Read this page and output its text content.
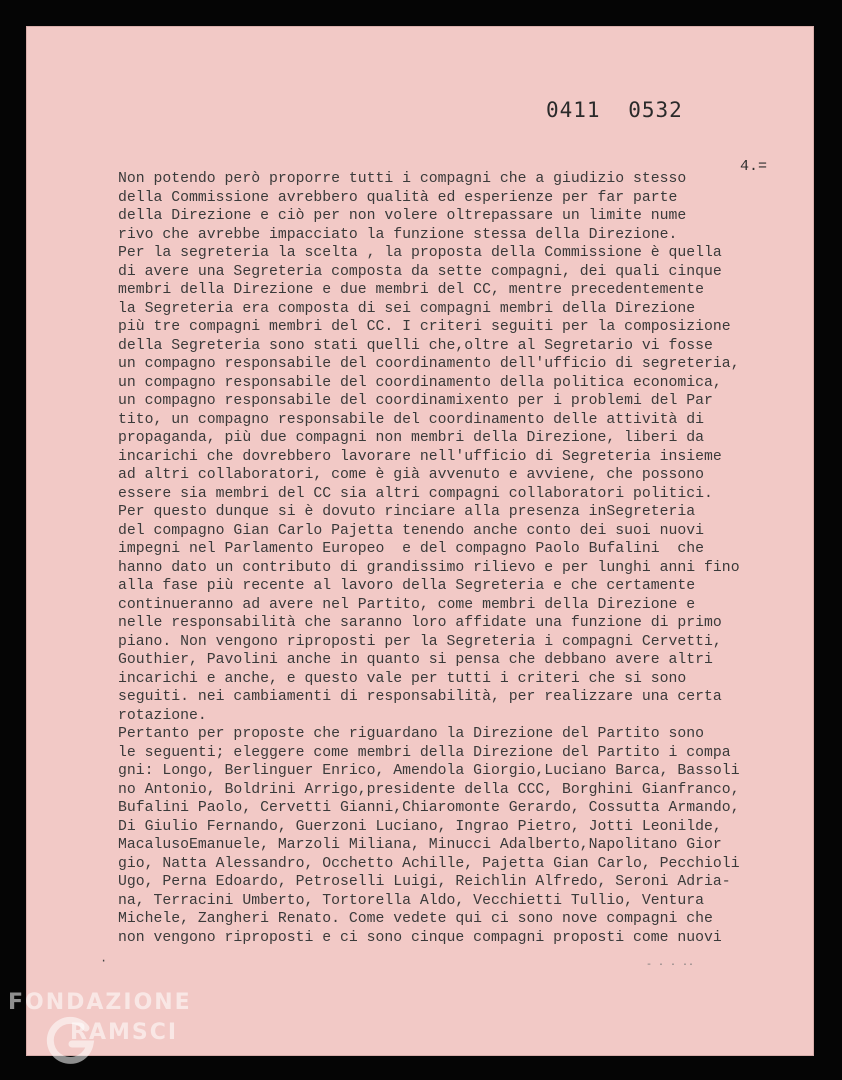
0411 0532
4.=
Non potendo però proporre tutti i compagni che a giudizio stesso
della Commissione avrebbero qualità ed esperienze per far parte
della Direzione e ciò per non volere oltrepassare un limite nume
rivo che avrebbe impacciato la funzione stessa della Direzione.
Per la segreteria la scelta , la proposta della Commissione è quella
di avere una Segreteria composta da sette compagni, dei quali cinque
membri della Direzione e due membri del CC, mentre precedentemente
la Segreteria era composta di sei compagni membri della Direzione
più tre compagni membri del CC. I criteri seguiti per la composizione
della Segreteria sono stati quelli che,oltre al Segretario vi fosse
un compagno responsabile del coordinamento dell'ufficio di segreteria,
un compagno responsabile del coordinamento della politica economica,
un compagno responsabile del coordinamixento per i problemi del Par
tito, un compagno responsabile del coordinamento delle attività di
propaganda, più due compagni non membri della Direzione, liberi da
incarichi che dovrebbero lavorare nell'ufficio di Segreteria insieme
ad altri collaboratori, come è già avvenuto e avviene, che possono
essere sia membri del CC sia altri compagni collaboratori politici.
Per questo dunque si è dovuto rinciare alla presenza inSegreteria
del compagno Gian Carlo Pajetta tenendo anche conto dei suoi nuovi
impegni nel Parlamento Europeo  e del compagno Paolo Bufalini  che
hanno dato un contributo di grandissimo rilievo e per lunghi anni fino
alla fase più recente al lavoro della Segreteria e che certamente
continueranno ad avere nel Partito, come membri della Direzione e
nelle responsabilità che saranno loro affidate una funzione di primo
piano. Non vengono riproposti per la Segreteria i compagni Cervetti,
Gouthier, Pavolini anche in quanto si pensa che debbano avere altri
incarichi e anche, e questo vale per tutti i criteri che si sono
seguiti. nei cambiamenti di responsabilità, per realizzare una certa
rotazione.
Pertanto per proposte che riguardano la Direzione del Partito sono
le seguenti; eleggere come membri della Direzione del Partito i compa
gni: Longo, Berlinguer Enrico, Amendola Giorgio,Luciano Barca, Bassoli
no Antonio, Boldrini Arrigo,presidente della CCC, Borghini Gianfranco,
Bufalini Paolo, Cervetti Gianni,Chiaromonte Gerardo, Cossutta Armando,
Di Giulio Fernando, Guerzoni Luciano, Ingrao Pietro, Jotti Leonilde,
MacalusoEmanuele, Marzoli Miliana, Minucci Adalberto,Napolitano Gior
gio, Natta Alessandro, Occhetto Achille, Pajetta Gian Carlo, Pecchioli
Ugo, Perna Edoardo, Petroselli Luigi, Reichlin Alfredo, Seroni Adria-
na, Terracini Umberto, Tortorella Aldo, Vecchietti Tullio, Ventura
Michele, Zangheri Renato. Come vedete qui ci sono nove compagni che
non vengono riproposti e ci sono cinque compagni proposti come nuovi
·	- · · ··
FONDAZIONE
RAMSCI
